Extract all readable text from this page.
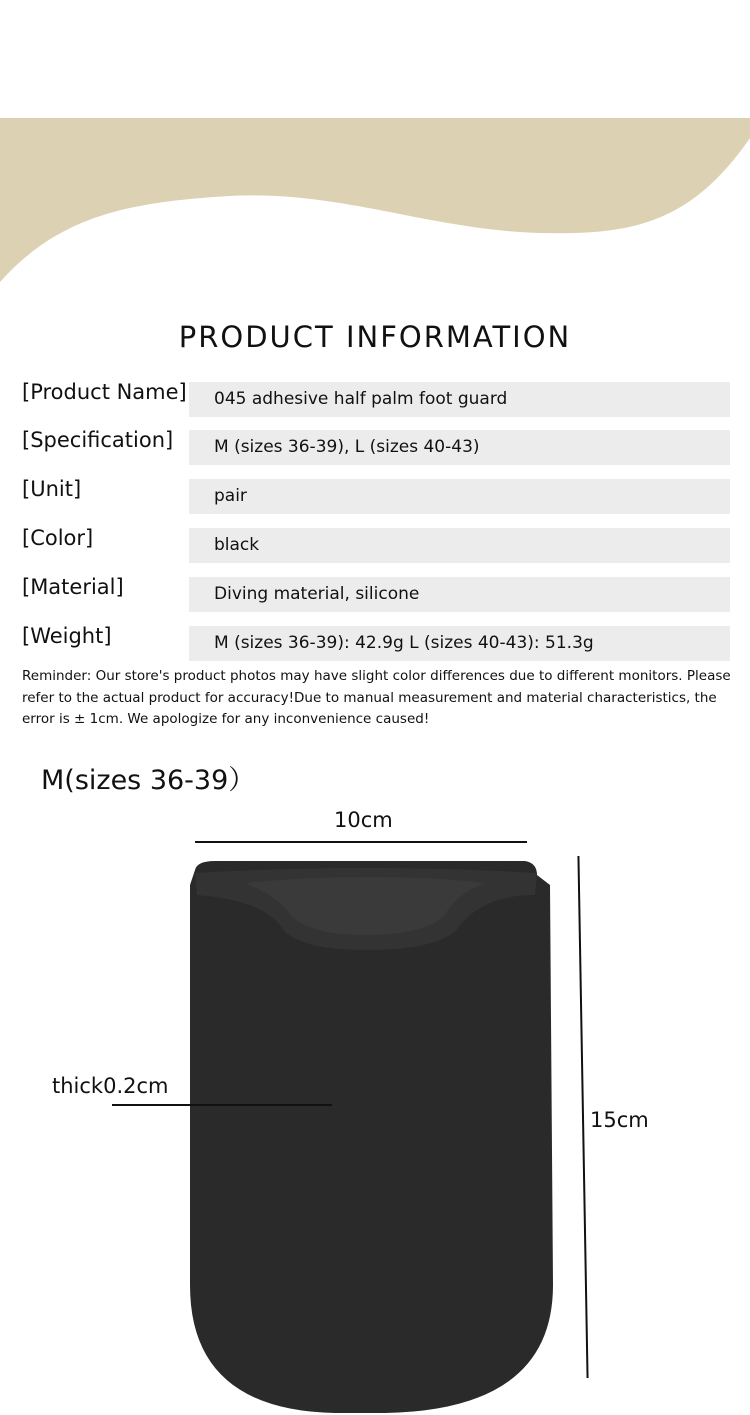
PRODUCT INFORMATION
[Product Name]	045 adhesive half palm foot guard
[Specification]	M (sizes 36-39), L (sizes 40-43)
[Unit]	pair
[Color]	black
[Material]	Diving material, silicone
[Weight]	M (sizes 36-39): 42.9g L (sizes 40-43): 51.3g
Reminder: Our store's product photos may have slight color differences due to different monitors. Please refer to the actual product for accuracy!Due to manual measurement and material characteristics, the error is ± 1cm. We apologize for any inconvenience caused!
M(sizes 36-39）
10cm
thick0.2cm
15cm
